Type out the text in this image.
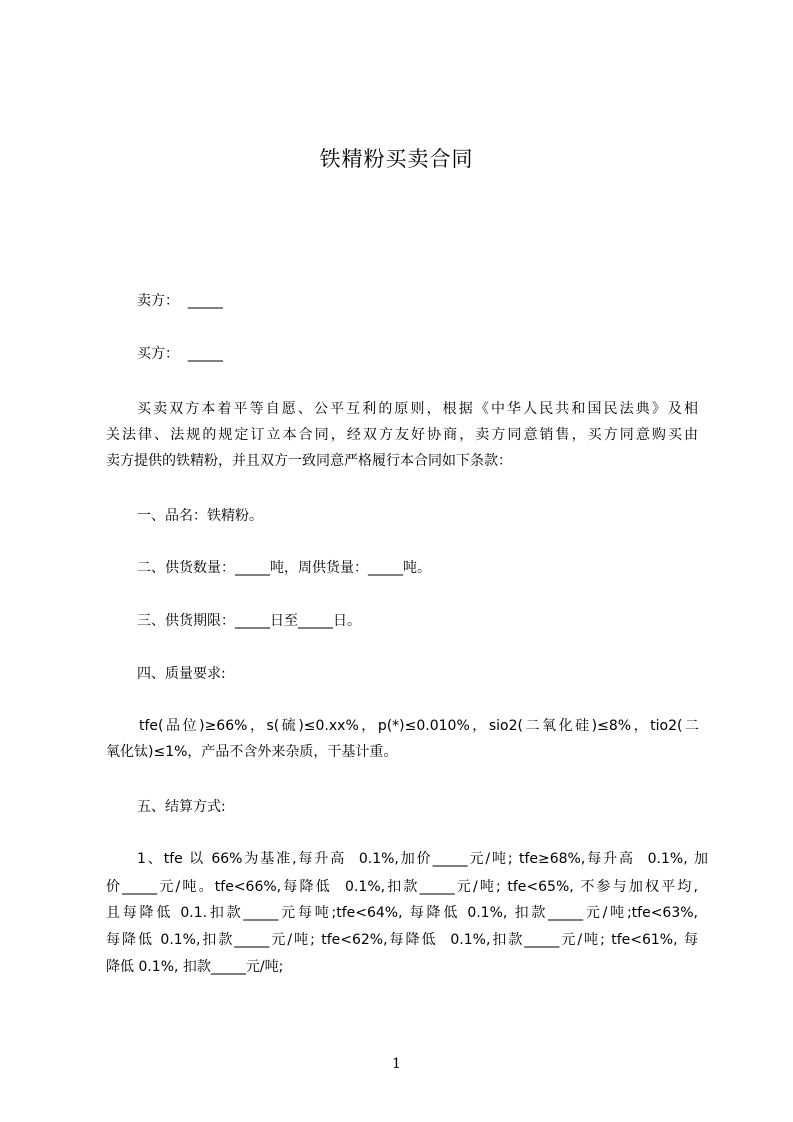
铁精粉买卖合同
卖方：  _____
买方：  _____
买卖双方本着平等自愿、公平互利的原则，根据《中华人民共和国民法典》及相
关法律、法规的规定订立本合同，经双方友好协商，卖方同意销售，买方同意购买由
卖方提供的铁精粉，并且双方一致同意严格履行本合同如下条款：
一、品名：铁精粉。
二、供货数量：_____吨，周供货量：_____吨。
三、供货期限：_____日至_____日。
四、质量要求:
tfe(品位)≥66%，s(硫)≤0.xx%，p(*)≤0.010%，sio2(二氧化硅)≤8%，tio2(二
氧化钛)≤1%，产品不含外来杂质，干基计重。
五、结算方式:
1、tfe 以 66%为基准,每升高  0.1%,加价_____元/吨; tfe≥68%,每升高  0.1%, 加
价_____元/吨。tfe<66%,每降低  0.1%,扣款_____元/吨; tfe<65%, 不参与加权平均,
且每降低 0.1.扣款_____元每吨;tfe<64%, 每降低 0.1%, 扣款_____元/吨;tfe<63%,
每降低 0.1%,扣款_____元/吨; tfe<62%,每降低  0.1%,扣款_____元/吨; tfe<61%, 每
降低 0.1%, 扣款_____元/吨;
1
